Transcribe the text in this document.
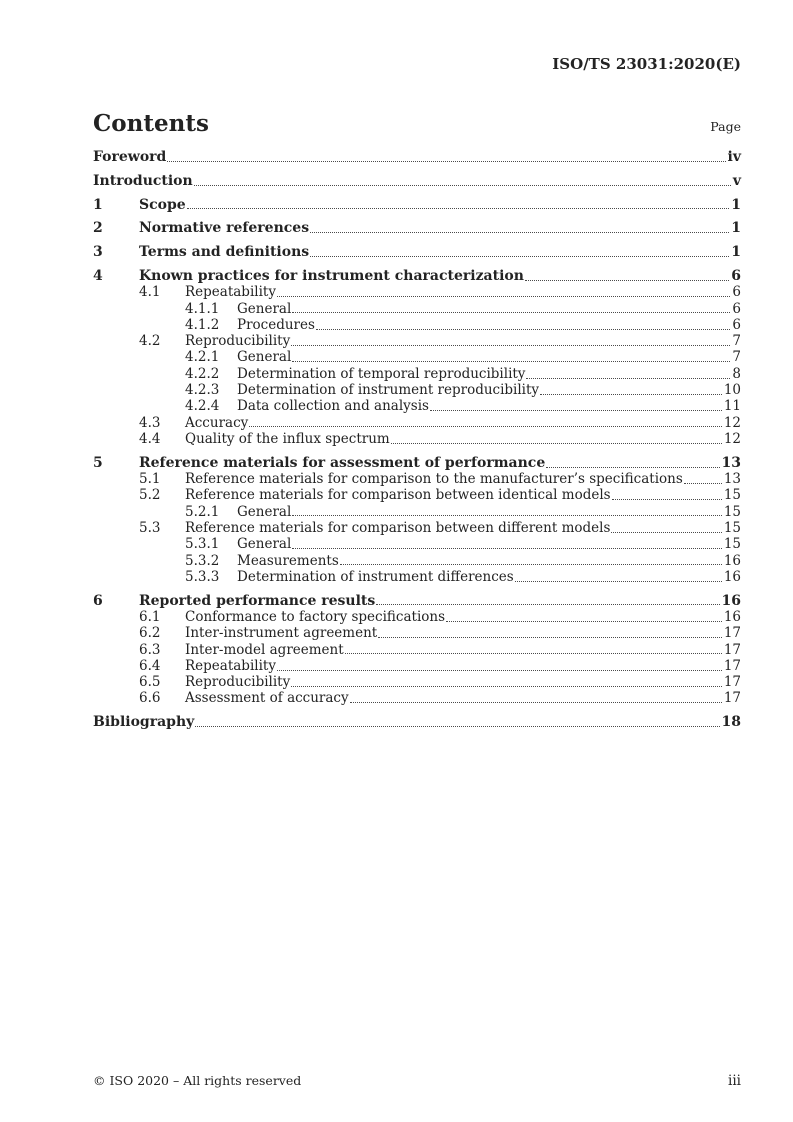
ISO/TS 23031:2020(E)
Contents	Page
Foreword	iv
Introduction	v
1	Scope	1
2	Normative references	1
3	Terms and definitions	1
4	Known practices for instrument characterization	6
4.1	Repeatability	6
4.1.1	General	6
4.1.2	Procedures	6
4.2	Reproducibility	7
4.2.1	General	7
4.2.2	Determination of temporal reproducibility	8
4.2.3	Determination of instrument reproducibility	10
4.2.4	Data collection and analysis	11
4.3	Accuracy	12
4.4	Quality of the influx spectrum	12
5	Reference materials for assessment of performance	13
5.1	Reference materials for comparison to the manufacturer’s specifications	13
5.2	Reference materials for comparison between identical models	15
5.2.1	General	15
5.3	Reference materials for comparison between different models	15
5.3.1	General	15
5.3.2	Measurements	16
5.3.3	Determination of instrument differences	16
6	Reported performance results	16
6.1	Conformance to factory specifications	16
6.2	Inter-instrument agreement	17
6.3	Inter-model agreement	17
6.4	Repeatability	17
6.5	Reproducibility	17
6.6	Assessment of accuracy	17
Bibliography	18
© ISO 2020 – All rights reserved	iii
